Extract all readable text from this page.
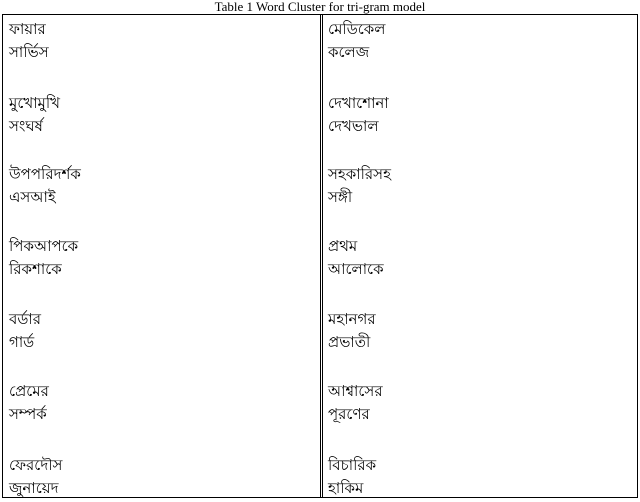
Table 1 Word Cluster for tri-gram model
ফায়ার
সার্ভিস
মুখোমুখি
সংঘর্ষ
উপপরিদর্শক
এসআই
পিকআপকে
রিকশাকে
বর্ডার
গার্ড
প্রেমের
সম্পর্ক
ফেরদৌস
জুনায়েদ
মেডিকেল
কলেজ
দেখাশোনা
দেখভাল
সহকারিসহ
সঙ্গী
প্রথম
আলোকে
মহানগর
প্রভাতী
আশ্বাসের
পূরণের
বিচারিক
হাকিম
